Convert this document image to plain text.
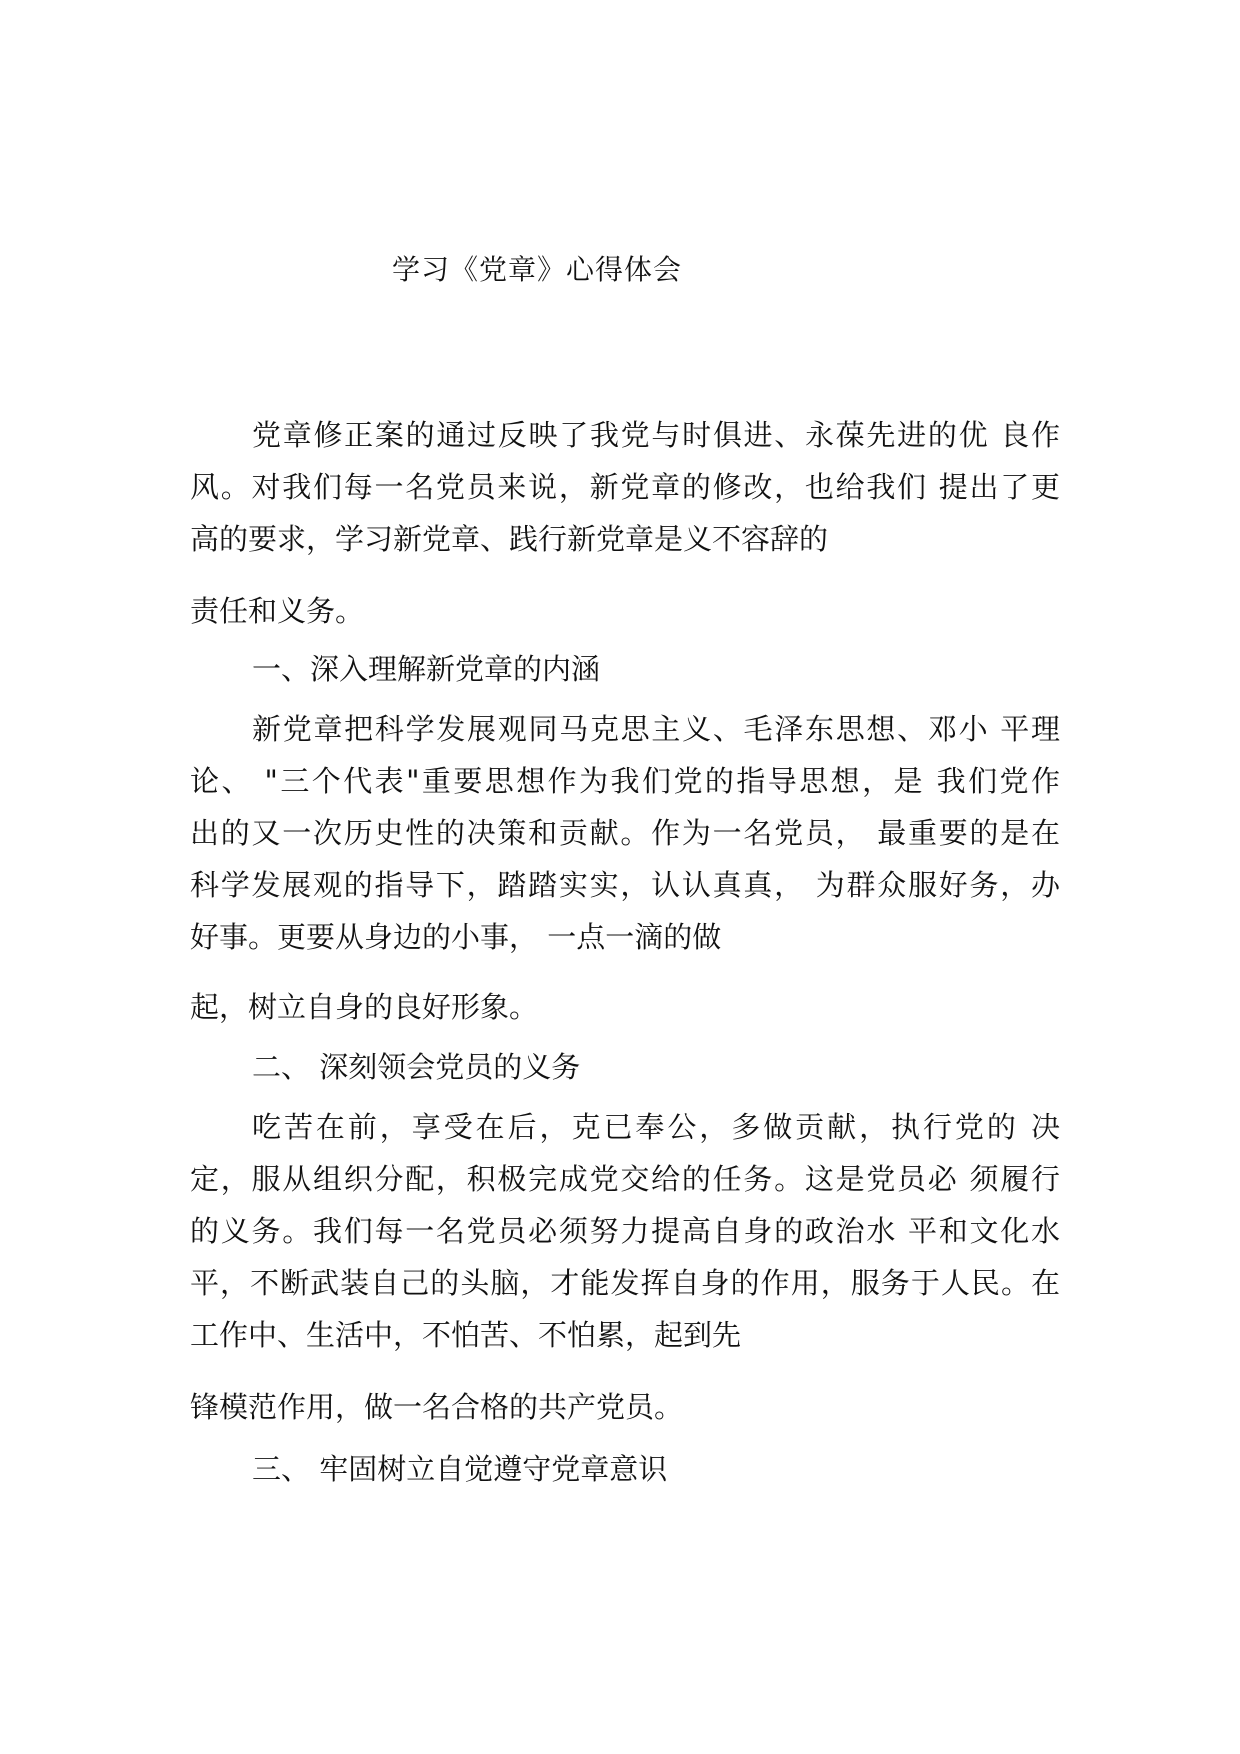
学习《党章》心得体会
党章修正案的通过反映了我党与时俱进、永葆先进的优 良作
风。对我们每一名党员来说，新党章的修改，也给我们 提出了更
高的要求，学习新党章、践行新党章是义不容辞的
责任和义务。
一、深入理解新党章的内涵
新党章把科学发展观同马克思主义、毛泽东思想、邓小 平理
论、 "三个代表"重要思想作为我们党的指导思想，是 我们党作
出的又一次历史性的决策和贡献。作为一名党员， 最重要的是在
科学发展观的指导下，踏踏实实，认认真真， 为群众服好务，办
好事。更要从身边的小事， 一点一滴的做
起，树立自身的良好形象。
二、 深刻领会党员的义务
吃苦在前，享受在后，克已奉公，多做贡献，执行党的 决
定，服从组织分配，积极完成党交给的任务。这是党员必 须履行
的义务。我们每一名党员必须努力提高自身的政治水 平和文化水
平，不断武装自己的头脑，才能发挥自身的作用，服务于人民。在
工作中、生活中，不怕苦、不怕累，起到先
锋模范作用，做一名合格的共产党员。
三、 牢固树立自觉遵守党章意识
